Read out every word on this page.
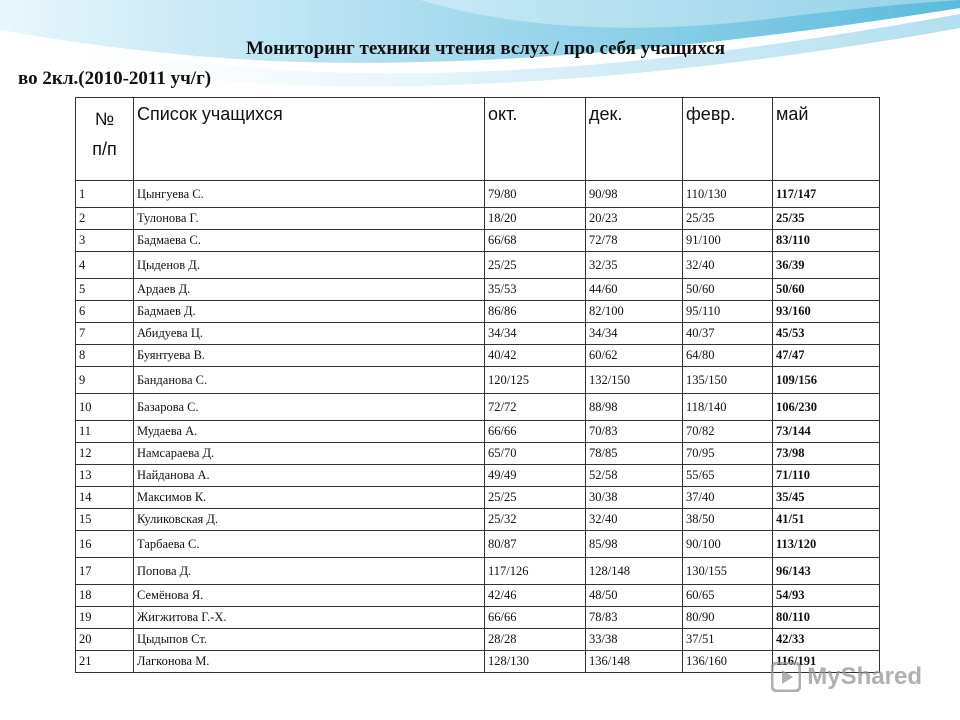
Мониторинг техники чтения вслух / про себя учащихся
во 2кл.(2010-2011 уч/г)
№
п/п	Список учащихся	окт.	дек.	февр.	май
1	Цынгуева С.	79/80	90/98	110/130	117/147
2	Тулонова Г.	18/20	20/23	25/35	25/35
3	Бадмаева С.	66/68	72/78	91/100	83/110
4	Цыденов Д.	25/25	32/35	32/40	36/39
5	Ардаев Д.	35/53	44/60	50/60	50/60
6	Бадмаев Д.	86/86	82/100	95/110	93/160
7	Абидуева Ц.	34/34	34/34	40/37	45/53
8	Буянтуева В.	40/42	60/62	64/80	47/47
9	Банданова С.	120/125	132/150	135/150	109/156
10	Базарова С.	72/72	88/98	118/140	106/230
11	Мудаева А.	66/66	70/83	70/82	73/144
12	Намсараева Д.	65/70	78/85	70/95	73/98
13	Найданова А.	49/49	52/58	55/65	71/110
14	Максимов К.	25/25	30/38	37/40	35/45
15	Куликовская Д.	25/32	32/40	38/50	41/51
16	Тарбаева С.	80/87	85/98	90/100	113/120
17	Попова Д.	117/126	128/148	130/155	96/143
18	Семёнова Я.	42/46	48/50	60/65	54/93
19	Жигжитова Г.-Х.	66/66	78/83	80/90	80/110
20	Цыдыпов Ст.	28/28	33/38	37/51	42/33
21	Лагконова М.	128/130	136/148	136/160	116/191
MyShared
